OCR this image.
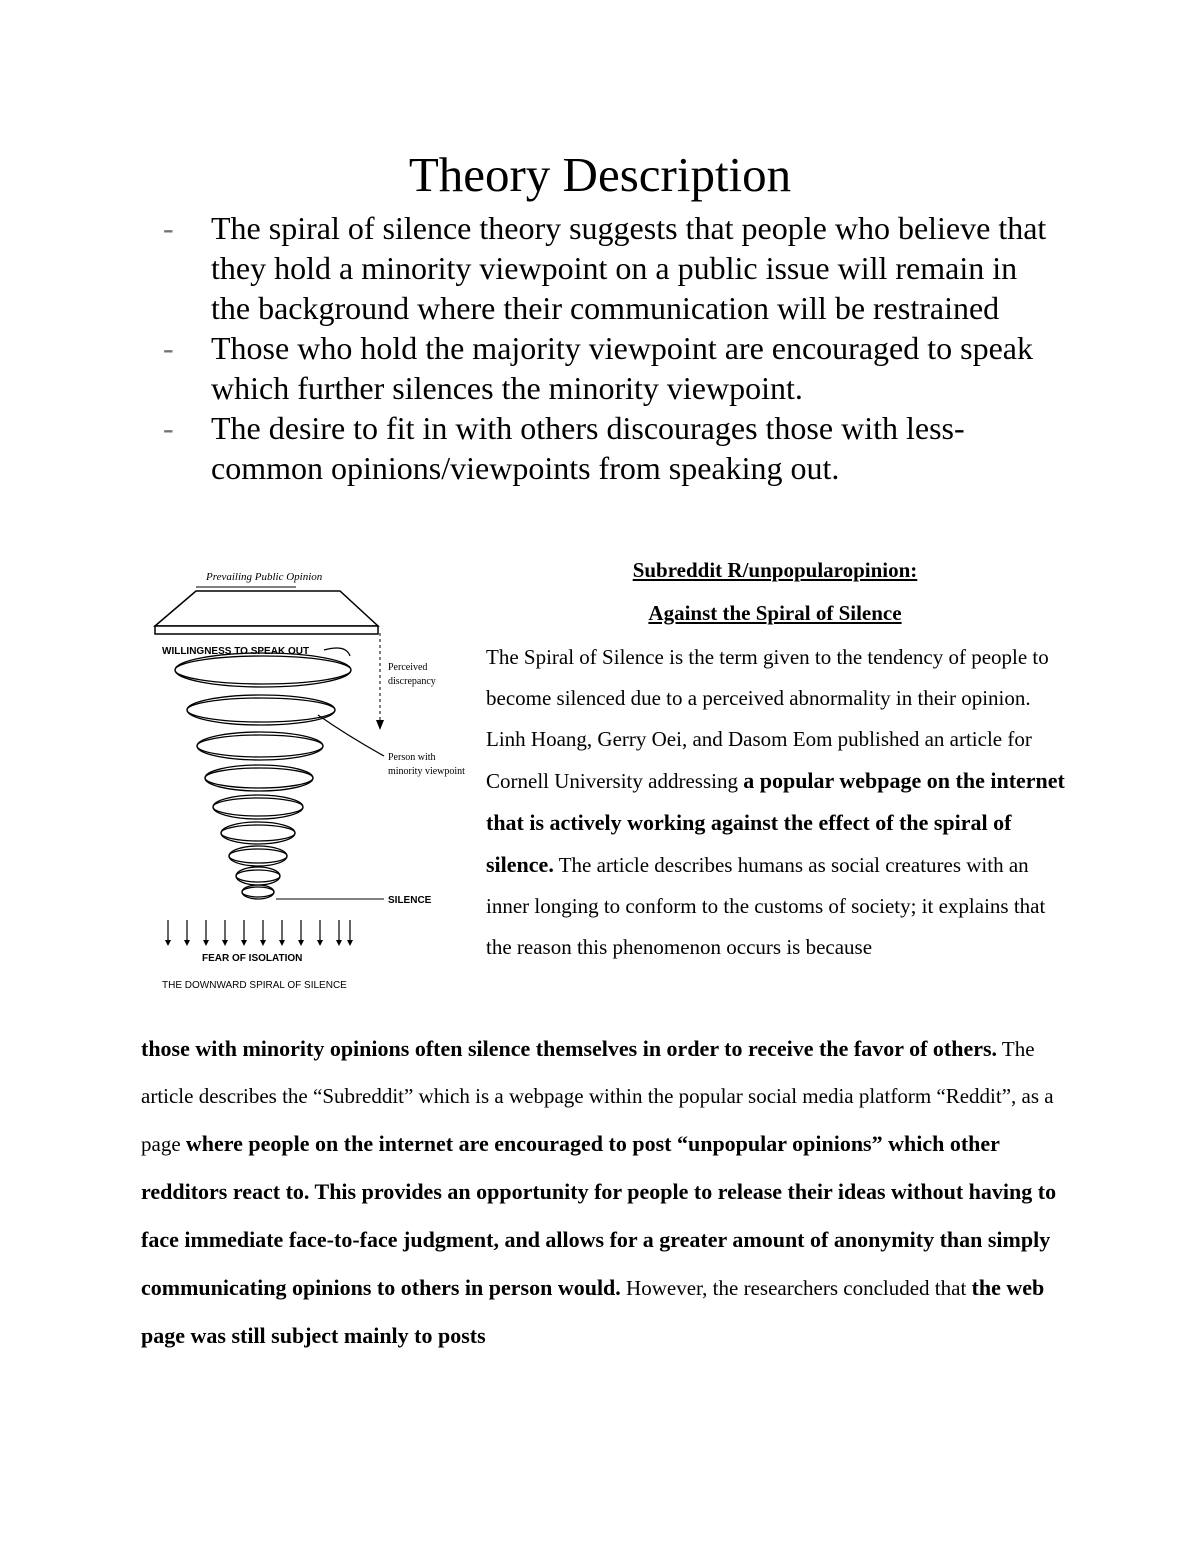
Theory Description
-	The spiral of silence theory suggests that people who believe that they hold a minority viewpoint on a public issue will remain in the background where their communication will be restrained
-	Those who hold the majority viewpoint are encouraged to speak which further silences the minority viewpoint.
-	The desire to fit in with others discourages those with less-common opinions/viewpoints from speaking out.
Prevailing Public Opinion
WILLINGNESS TO SPEAK OUT
Perceived
discrepancy
Person with
minority viewpoint
SILENCE
FEAR OF ISOLATION
THE DOWNWARD SPIRAL OF SILENCE

Subreddit R/unpopularopinion:

Against the Spiral of Silence

The Spiral of Silence is the term given to the tendency of people to become silenced due to a perceived abnormality in their opinion. Linh Hoang, Gerry Oei, and Dasom Eom published an article for Cornell University addressing a popular webpage on the internet that is actively working against the effect of the spiral of silence. The article describes humans as social creatures with an inner longing to conform to the customs of society; it explains that the reason this phenomenon occurs is because

those with minority opinions often silence themselves in order to receive the favor of others. The article describes the “Subreddit” which is a webpage within the popular social media platform “Reddit”, as a page where people on the internet are encouraged to post “unpopular opinions” which other redditors react to. This provides an opportunity for people to release their ideas without having to face immediate face-to-face judgment, and allows for a greater amount of anonymity than simply communicating opinions to others in person would. However, the researchers concluded that the web page was still subject mainly to posts
